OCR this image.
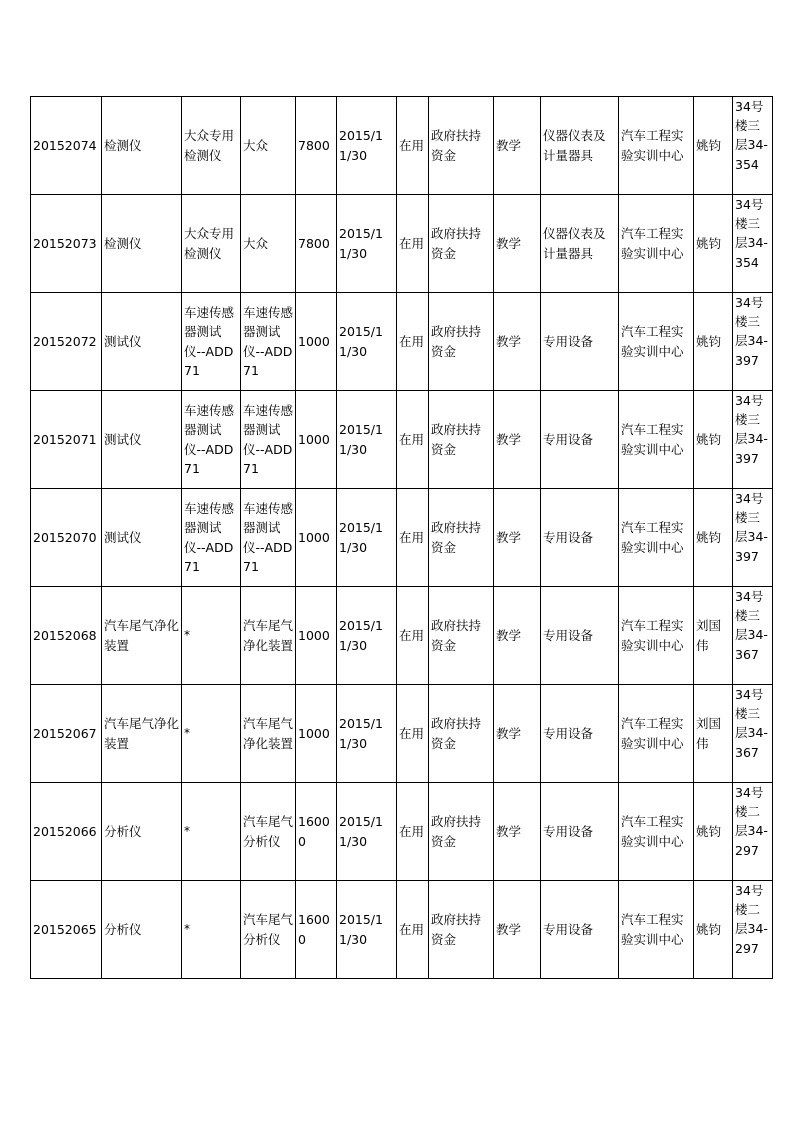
20152074	检测仪	大众专用检测仪	大众	7800	2015/11/30	在用	政府扶持资金	教学	仪器仪表及计量器具	汽车工程实验实训中心	姚钧	34号楼三层34-354
20152073	检测仪	大众专用检测仪	大众	7800	2015/11/30	在用	政府扶持资金	教学	仪器仪表及计量器具	汽车工程实验实训中心	姚钧	34号楼三层34-354
20152072	测试仪	车速传感器测试仪--ADD71	车速传感器测试仪--ADD71	1000	2015/11/30	在用	政府扶持资金	教学	专用设备	汽车工程实验实训中心	姚钧	34号楼三层34-397
20152071	测试仪	车速传感器测试仪--ADD71	车速传感器测试仪--ADD71	1000	2015/11/30	在用	政府扶持资金	教学	专用设备	汽车工程实验实训中心	姚钧	34号楼三层34-397
20152070	测试仪	车速传感器测试仪--ADD71	车速传感器测试仪--ADD71	1000	2015/11/30	在用	政府扶持资金	教学	专用设备	汽车工程实验实训中心	姚钧	34号楼三层34-397
20152068	汽车尾气净化装置	*	汽车尾气净化装置	1000	2015/11/30	在用	政府扶持资金	教学	专用设备	汽车工程实验实训中心	刘国伟	34号楼三层34-367
20152067	汽车尾气净化装置	*	汽车尾气净化装置	1000	2015/11/30	在用	政府扶持资金	教学	专用设备	汽车工程实验实训中心	刘国伟	34号楼三层34-367
20152066	分析仪	*	汽车尾气分析仪	16000	2015/11/30	在用	政府扶持资金	教学	专用设备	汽车工程实验实训中心	姚钧	34号楼二层34-297
20152065	分析仪	*	汽车尾气分析仪	16000	2015/11/30	在用	政府扶持资金	教学	专用设备	汽车工程实验实训中心	姚钧	34号楼二层34-297
